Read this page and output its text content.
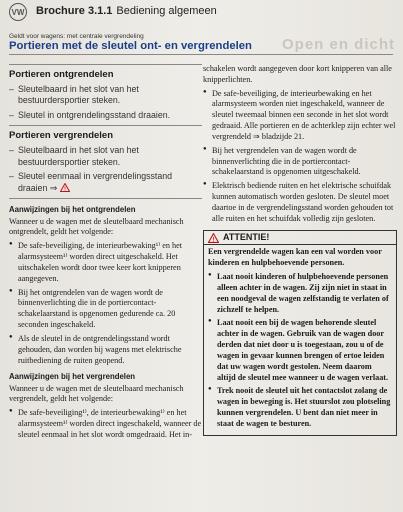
VW Brochure 3.1.1 Bediening algemeen
Open en dicht
Geldt voor wagens: met centrale vergrendeling
Portieren met de sleutel ont- en vergrendelen
Portieren ontgrendelen
– Sleutelbaard in het slot van het bestuurdersportier steken.
– Sleutel in ontgrendelingsstand draaien.
Portieren vergrendelen
– Sleutelbaard in het slot van het bestuurdersportier steken.
– Sleutel eenmaal in vergrendelingsstand draaien ⇒ !
Aanwijzingen bij het ontgrendelen

Wanneer u de wagen met de sleutelbaard mechanisch ontgrendelt, geldt het volgende:

● De safe-beveiliging, de interieurbewaking¹⁾ en het alarmsysteem¹⁾ worden direct uitgeschakeld. Het uitschakelen wordt door twee keer kort knipperen aangegeven.
● Bij het ontgrendelen van de wagen wordt de binnenverlichting die in de portiercontact-schakelaarstand is opgenomen gedurende ca. 20 seconden ingeschakeld.
● Als de sleutel in de ontgrendelingsstand wordt gehouden, dan worden bij wagens met elektrische ruitbediening de ruiten geopend.
Aanwijzingen bij het vergrendelen

Wanneer u de wagen met de sleutelbaard mechanisch vergrendelt, geldt het volgende:

● De safe-beveiliging¹⁾, de interieurbewaking¹⁾ en het alarmsysteem¹⁾ worden direct ingeschakeld, wanneer de sleutel eenmaal in het slot wordt omgedraaid. Het in-

schakelen wordt aangegeven door kort knipperen van alle knipperlichten.

● De safe-beveiliging, de interieurbewaking en het alarmsysteem worden niet ingeschakeld, wanneer de sleutel tweemaal binnen een seconde in het slot wordt gedraaid. Alle portieren en de achterklep zijn echter wel vergrendeld ⇒ bladzijde 21.
● Bij het vergrendelen van de wagen wordt de binnenverlichting die in de portiercontact-schakelaarstand is opgenomen uitgeschakeld.
● Elektrisch bediende ruiten en het elektrische schuifdak kunnen automatisch worden gesloten. De sleutel moet daartoe in de vergrendelingsstand worden gehouden tot alle ruiten en het schuifdak volledig zijn gesloten.
! ATTENTIE!

Een vergrendelde wagen kan een val worden voor kinderen en hulpbehoevende personen.

● Laat nooit kinderen of hulpbehoevende personen alleen achter in de wagen. Zij zijn niet in staat in een noodgeval de wagen zelfstandig te verlaten of zichzelf te helpen.
● Laat nooit een bij de wagen behorende sleutel achter in de wagen. Gebruik van de wagen door derden dat niet door u is toegestaan, zou u of de wagen in gevaar kunnen brengen of ertoe leiden dat uw wagen wordt gestolen. Neem daarom altijd de sleutel mee wanneer u de wagen verlaat.
● Trek nooit de sleutel uit het contactslot zolang de wagen in beweging is. Het stuurslot zou plotseling kunnen vergrendelen. U bent dan niet meer in staat de wagen te besturen.
